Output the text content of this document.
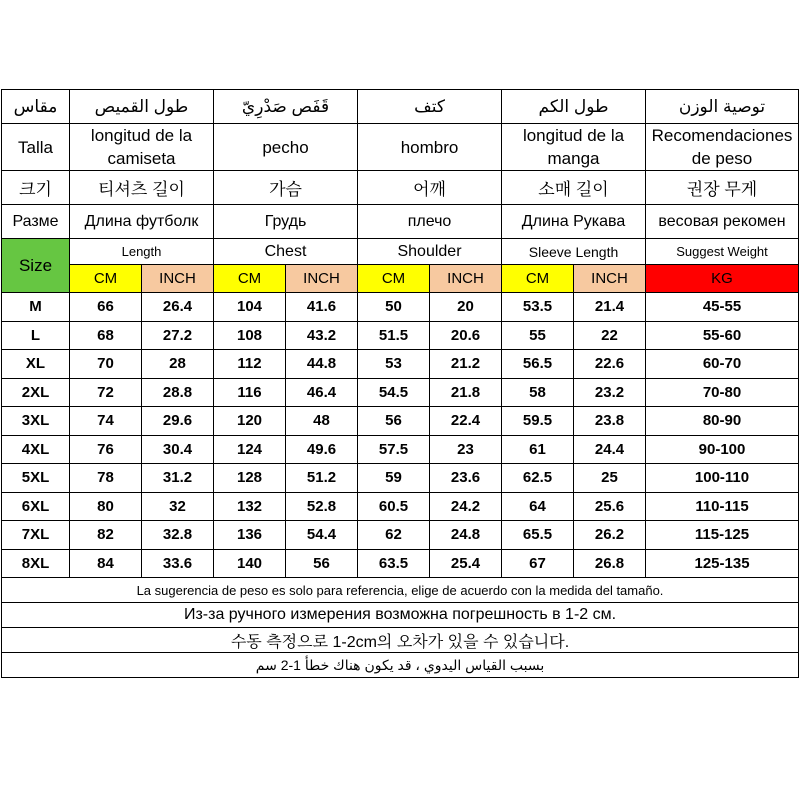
مقاس	طول القميص		قَفَص صَدْرِيّ		كتف		طول الكم		توصية الوزن
Talla	longitud de la camiseta		pecho		hombro		longitud de la manga		Recomendaciones de peso
크기	티셔츠 길이		가슴		어깨		소매 길이		권장 무게
Разме	Длина футболк		Грудь		плечо		Длина Рукава		весовая рекомен
Size	Length		Chest		Shoulder		Sleeve Length		Suggest Weight
	CM	INCH	CM	INCH	CM	INCH	CM	INCH	KG
M	66	26.4	104	41.6	50	20	53.5	21.4	45-55
L	68	27.2	108	43.2	51.5	20.6	55	22	55-60
XL	70	28	112	44.8	53	21.2	56.5	22.6	60-70
2XL	72	28.8	116	46.4	54.5	21.8	58	23.2	70-80
3XL	74	29.6	120	48	56	22.4	59.5	23.8	80-90
4XL	76	30.4	124	49.6	57.5	23	61	24.4	90-100
5XL	78	31.2	128	51.2	59	23.6	62.5	25	100-110
6XL	80	32	132	52.8	60.5	24.2	64	25.6	110-115
7XL	82	32.8	136	54.4	62	24.8	65.5	26.2	115-125
8XL	84	33.6	140	56	63.5	25.4	67	26.8	125-135
La sugerencia de peso es solo para referencia, elige de acuerdo con la medida del tamaño.									
Из-за ручного измерения возможна погрешность в 1-2 см.									
수동 측정으로 1-2cm의 오차가 있을 수 있습니다.									
بسبب القياس اليدوي ، قد يكون هناك خطأ 1-2 سم									
